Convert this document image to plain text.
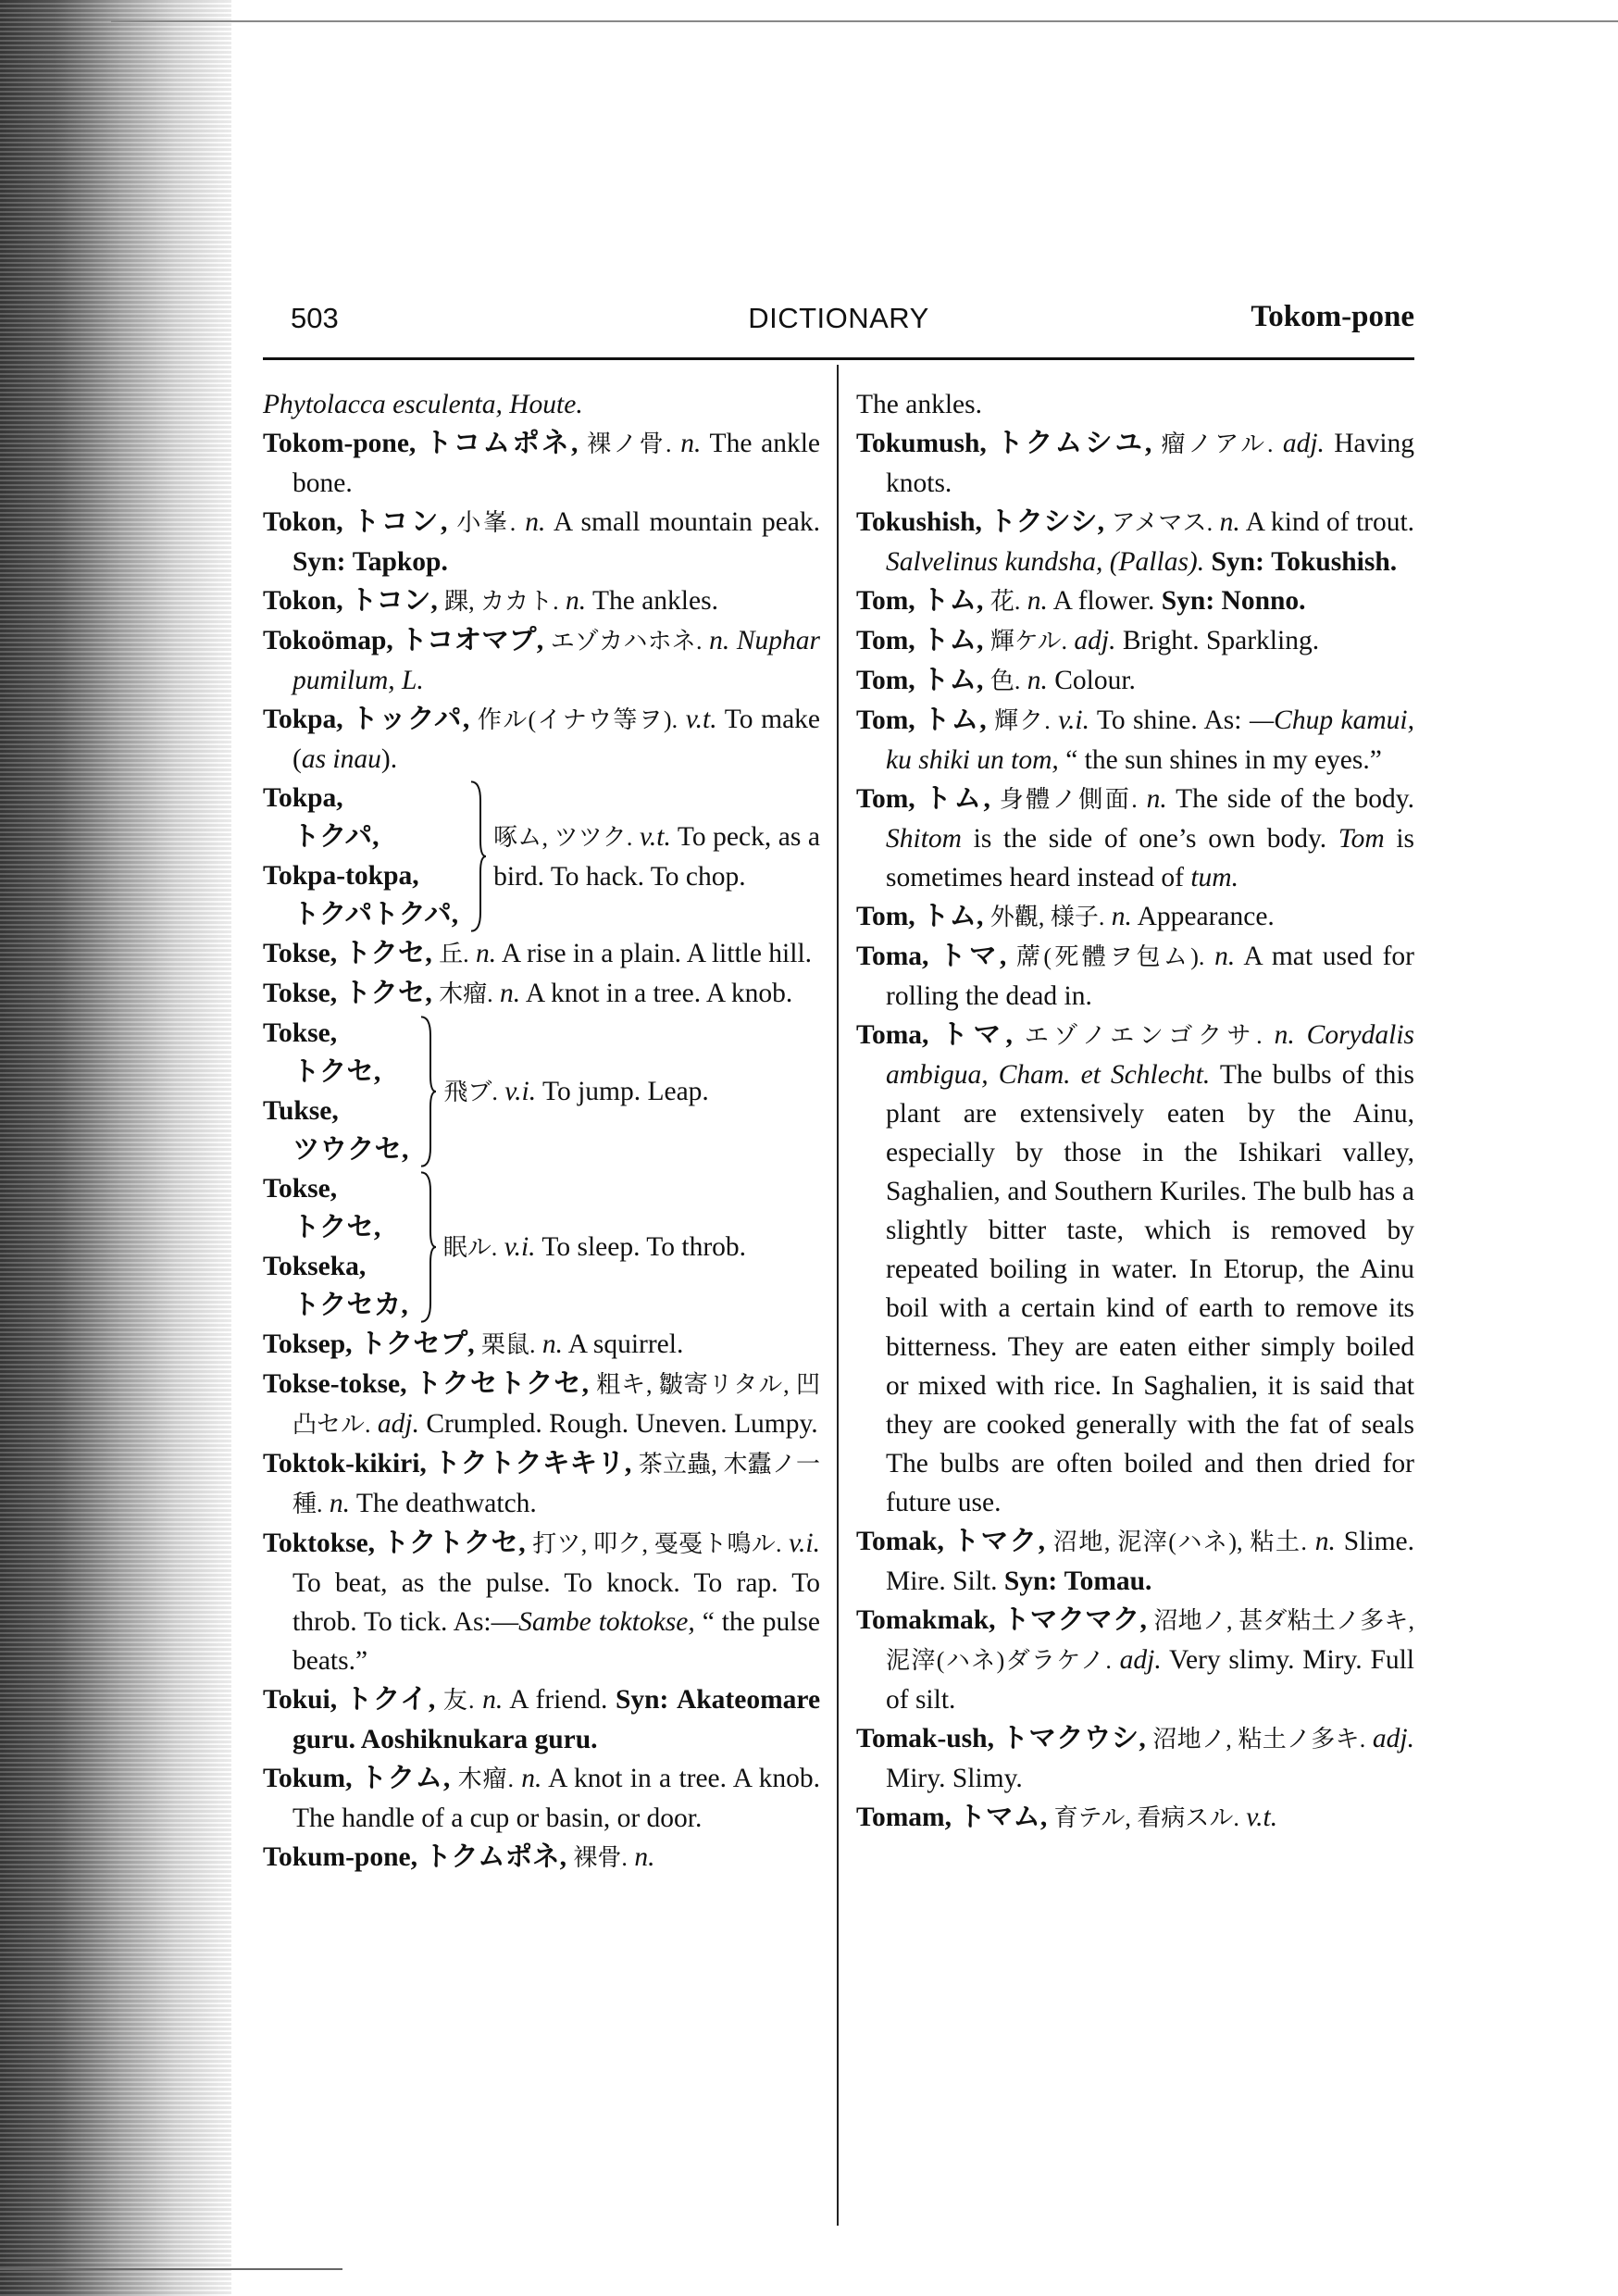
503	DICTIONARY	Tokom-pone

Phytolacca esculenta, Houte.

Tokom-pone, トコムポネ, 裸ノ骨. n. The ankle bone.

Tokon, トコン, 小峯. n. A small mountain peak. Syn: Tapkop.

Tokon, トコン, 踝, カカト. n. The ankles.

Tokoömap, トコオマプ, エゾカハホネ. n. Nuphar pumilum, L.

Tokpa, トックパ, 作ル(イナウ等ヲ). v.t. To make (as inau).

Tokpa,

トクパ,

Tokpa-tokpa,

トクパトクパ,

啄ム, ツツク. v.t. To peck, as a bird. To hack. To chop.

Tokse, トクセ, 丘. n. A rise in a plain. A little hill.

Tokse, トクセ, 木瘤. n. A knot in a tree. A knob.

Tokse,

トクセ,

Tukse,

ツウクセ,

飛ブ. v.i. To jump. Leap.

Tokse,

トクセ,

Tokseka,

トクセカ,

眠ル. v.i. To sleep. To throb.

Toksep, トクセプ, 栗鼠. n. A squirrel.

Tokse-tokse, トクセトクセ, 粗キ, 皺寄リタル, 凹凸セル. adj. Crumpled. Rough. Uneven. Lumpy.

Toktok-kikiri, トクトクキキリ, 茶立蟲, 木蠹ノ一種. n. The deathwatch.

Toktokse, トクトクセ, 打ツ, 叩ク, 戞戞ト鳴ル. v.i. To beat, as the pulse. To knock. To rap. To throb. To tick. As:—Sambe toktokse, “ the pulse beats.”

Tokui, トクイ, 友. n. A friend. Syn: Akateomare guru. Aoshiknukara guru.

Tokum, トクム, 木瘤. n. A knot in a tree. A knob. The handle of a cup or basin, or door.

Tokum-pone, トクムポネ, 裸骨. n.

The ankles.

Tokumush, トクムシユ, 瘤ノアル. adj. Having knots.

Tokushish, トクシシ, アメマス. n. A kind of trout. Salvelinus kundsha, (Pallas). Syn: Tokushish.

Tom, トム, 花. n. A flower. Syn: Nonno.

Tom, トム, 輝ケル. adj. Bright. Sparkling.

Tom, トム, 色. n. Colour.

Tom, トム, 輝ク. v.i. To shine. As: —Chup kamui, ku shiki un tom, “ the sun shines in my eyes.”

Tom, トム, 身體ノ側面. n. The side of the body. Shitom is the side of one’s own body. Tom is sometimes heard instead of tum.

Tom, トム, 外觀, 様子. n. Appearance.

Toma, トマ, 蓆(死體ヲ包ム). n. A mat used for rolling the dead in.

Toma, トマ, エゾノエンゴクサ. n. Corydalis ambigua, Cham. et Schlecht. The bulbs of this plant are extensively eaten by the Ainu, especially by those in the Ishikari valley, Saghalien, and Southern Kuriles. The bulb has a slightly bitter taste, which is removed by repeated boiling in water. In Etorup, the Ainu boil with a certain kind of earth to remove its bitterness. They are eaten either simply boiled or mixed with rice. In Saghalien, it is said that they are cooked generally with the fat of seals The bulbs are often boiled and then dried for future use.

Tomak, トマク, 沼地, 泥滓(ハネ), 粘土. n. Slime. Mire. Silt. Syn: Tomau.

Tomakmak, トマクマク, 沼地ノ, 甚ダ粘土ノ多キ, 泥滓(ハネ)ダラケノ. adj. Very slimy. Miry. Full of silt.

Tomak-ush, トマクウシ, 沼地ノ, 粘土ノ多キ. adj. Miry. Slimy.

Tomam, トマム, 育テル, 看病スル. v.t.
